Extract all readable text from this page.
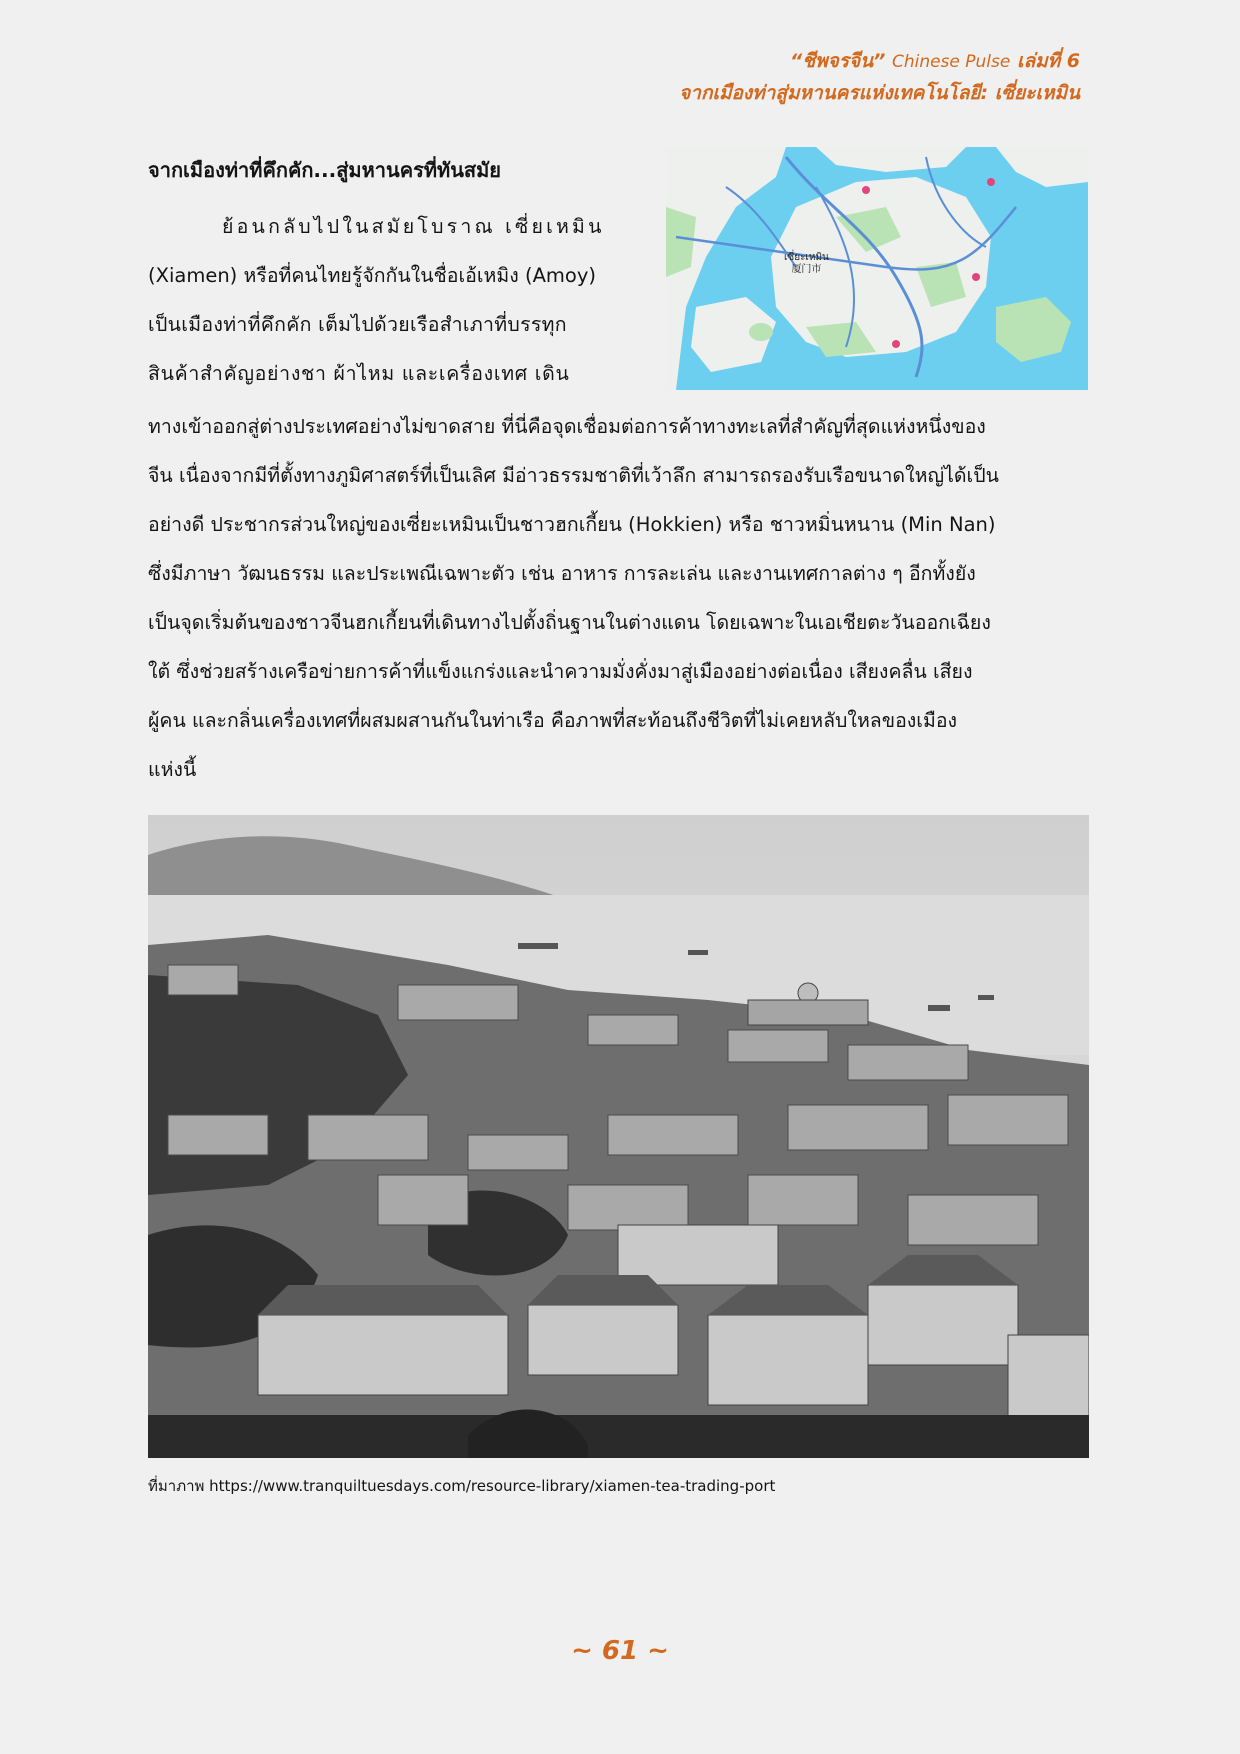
“ชีพจรจีน” Chinese Pulse เล่มที่ 6
จากเมืองท่าสู่มหานครแห่งเทคโนโลยี: เซี่ยะเหมิน
จากเมืองท่าที่คึกคัก...สู่มหานครที่ทันสมัย
เซี่ยะเหมิน
厦门市
ย้อนกลับไปในสมัยโบราณ เซี่ยเหมิน
(Xiamen) หรือที่คนไทยรู้จักกันในชื่อเอ้เหมิง (Amoy)
เป็นเมืองท่าที่คึกคัก เต็มไปด้วยเรือสำเภาที่บรรทุก
สินค้าสำคัญอย่างชา ผ้าไหม และเครื่องเทศ เดิน
ทางเข้าออกสู่ต่างประเทศอย่างไม่ขาดสาย ที่นี่คือจุดเชื่อมต่อการค้าทางทะเลที่สำคัญที่สุดแห่งหนึ่งของ
จีน เนื่องจากมีที่ตั้งทางภูมิศาสตร์ที่เป็นเลิศ มีอ่าวธรรมชาติที่เว้าลึก สามารถรองรับเรือขนาดใหญ่ได้เป็น
อย่างดี ประชากรส่วนใหญ่ของเซี่ยะเหมินเป็นชาวฮกเกี้ยน (Hokkien) หรือ ชาวหมิ่นหนาน (Min Nan)
ซึ่งมีภาษา วัฒนธรรม และประเพณีเฉพาะตัว เช่น อาหาร การละเล่น และงานเทศกาลต่าง ๆ อีกทั้งยัง
เป็นจุดเริ่มต้นของชาวจีนฮกเกี้ยนที่เดินทางไปตั้งถิ่นฐานในต่างแดน โดยเฉพาะในเอเชียตะวันออกเฉียง
ใต้ ซึ่งช่วยสร้างเครือข่ายการค้าที่แข็งแกร่งและนำความมั่งคั่งมาสู่เมืองอย่างต่อเนื่อง เสียงคลื่น เสียง
ผู้คน และกลิ่นเครื่องเทศที่ผสมผสานกันในท่าเรือ คือภาพที่สะท้อนถึงชีวิตที่ไม่เคยหลับใหลของเมือง
แห่งนี้
ที่มาภาพ https://www.tranquiltuesdays.com/resource-library/xiamen-tea-trading-port
~ 61 ~
